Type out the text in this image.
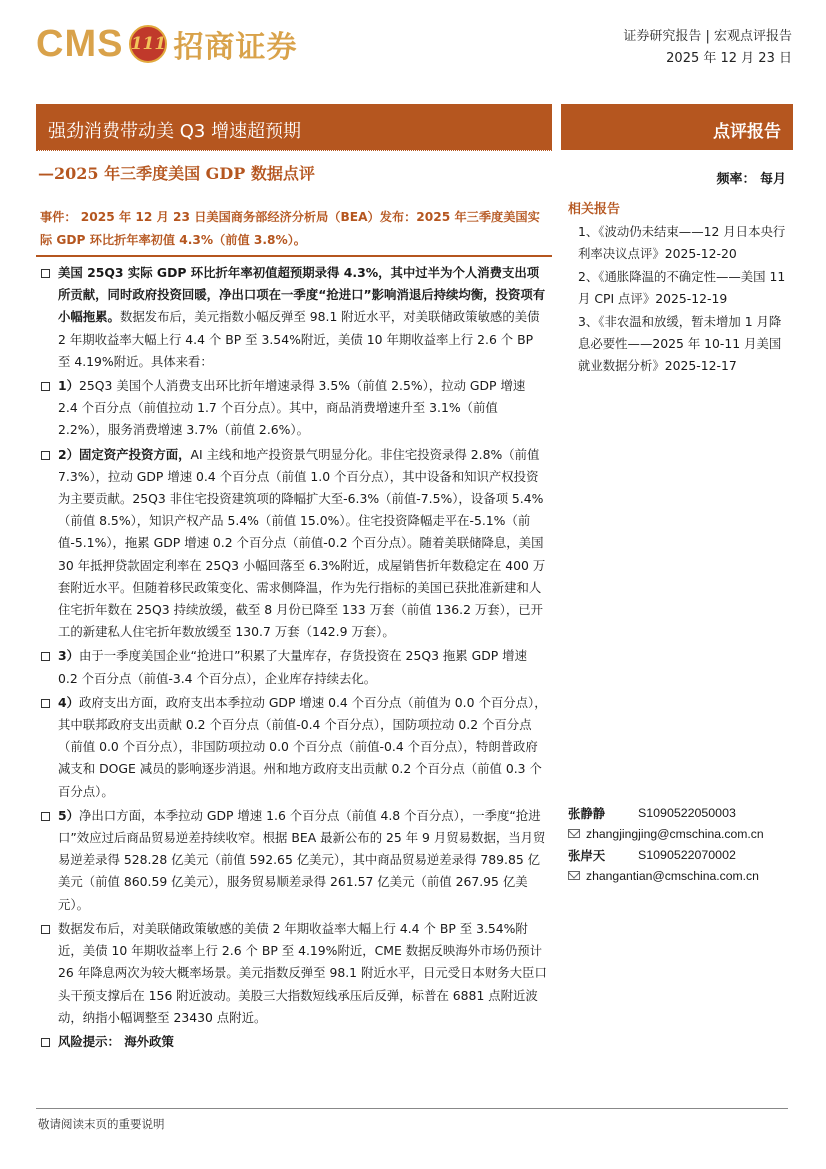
CMS 111 招商证券	证券研究报告 | 宏观点评报告
2025 年 12 月 23 日
强劲消费带动美 Q3 增速超预期	点评报告
—2025 年三季度美国 GDP 数据点评	频率： 每月
事件： 2025 年 12 月 23 日美国商务部经济分析局（BEA）发布：2025 年三季度美国实际 GDP 环比折年率初值 4.3%（前值 3.8%）。
美国 25Q3 实际 GDP 环比折年率初值超预期录得 4.3%，其中过半为个人消费支出项所贡献，同时政府投资回暖，净出口项在一季度“抢进口”影响消退后持续均衡，投资项有小幅拖累。数据发布后，美元指数小幅反弹至 98.1 附近水平，对美联储政策敏感的美债 2 年期收益率大幅上行 4.4 个 BP 至 3.54%附近，美债 10 年期收益率上行 2.6 个 BP 至 4.19%附近。具体来看：
1）25Q3 美国个人消费支出环比折年增速录得 3.5%（前值 2.5%），拉动 GDP 增速 2.4 个百分点（前值拉动 1.7 个百分点）。其中，商品消费增速升至 3.1%（前值 2.2%），服务消费增速 3.7%（前值 2.6%）。
2）固定资产投资方面，AI 主线和地产投资景气明显分化。非住宅投资录得 2.8%（前值 7.3%），拉动 GDP 增速 0.4 个百分点（前值 1.0 个百分点），其中设备和知识产权投资为主要贡献。25Q3 非住宅投资建筑项的降幅扩大至-6.3%（前值-7.5%），设备项 5.4%（前值 8.5%），知识产权产品 5.4%（前值 15.0%）。住宅投资降幅走平在-5.1%（前值-5.1%），拖累 GDP 增速 0.2 个百分点（前值-0.2 个百分点）。随着美联储降息，美国 30 年抵押贷款固定利率在 25Q3 小幅回落至 6.3%附近，成屋销售折年数稳定在 400 万套附近水平。但随着移民政策变化、需求侧降温，作为先行指标的美国已获批准新建和人住宅折年数在 25Q3 持续放缓，截至 8 月份已降至 133 万套（前值 136.2 万套），已开工的新建私人住宅折年数放缓至 130.7 万套（142.9 万套）。
3）由于一季度美国企业“抢进口”积累了大量库存，存货投资在 25Q3 拖累 GDP 增速 0.2 个百分点（前值-3.4 个百分点），企业库存持续去化。
4）政府支出方面，政府支出本季拉动 GDP 增速 0.4 个百分点（前值为 0.0 个百分点），其中联邦政府支出贡献 0.2 个百分点（前值-0.4 个百分点），国防项拉动 0.2 个百分点（前值 0.0 个百分点），非国防项拉动 0.0 个百分点（前值-0.4 个百分点），特朗普政府减支和 DOGE 减员的影响逐步消退。州和地方政府支出贡献 0.2 个百分点（前值 0.3 个百分点）。
5）净出口方面，本季拉动 GDP 增速 1.6 个百分点（前值 4.8 个百分点），一季度“抢进口”效应过后商品贸易逆差持续收窄。根据 BEA 最新公布的 25 年 9 月贸易数据，当月贸易逆差录得 528.28 亿美元（前值 592.65 亿美元），其中商品贸易逆差录得 789.85 亿美元（前值 860.59 亿美元），服务贸易顺差录得 261.57 亿美元（前值 267.95 亿美元）。
数据发布后，对美联储政策敏感的美债 2 年期收益率大幅上行 4.4 个 BP 至 3.54%附近，美债 10 年期收益率上行 2.6 个 BP 至 4.19%附近，CME 数据反映海外市场仍预计 26 年降息两次为较大概率场景。美元指数反弹至 98.1 附近水平，日元受日本财务大臣口头干预支撑后在 156 附近波动。美股三大指数短线承压后反弹，标普在 6881 点附近波动，纳指小幅调整至 23430 点附近。
风险提示： 海外政策
相关报告
1、《波动仍未结束——12 月日本央行利率决议点评》2025-12-20
2、《通胀降温的不确定性——美国 11 月 CPI 点评》2025-12-19
3、《非农温和放缓，暂未增加 1 月降息必要性——2025 年 10-11 月美国就业数据分析》2025-12-17
张静静	S1090522050003
zhangjingjing@cmschina.com.cn
张岸天	S1090522070002
zhangantian@cmschina.com.cn
敬请阅读末页的重要说明
